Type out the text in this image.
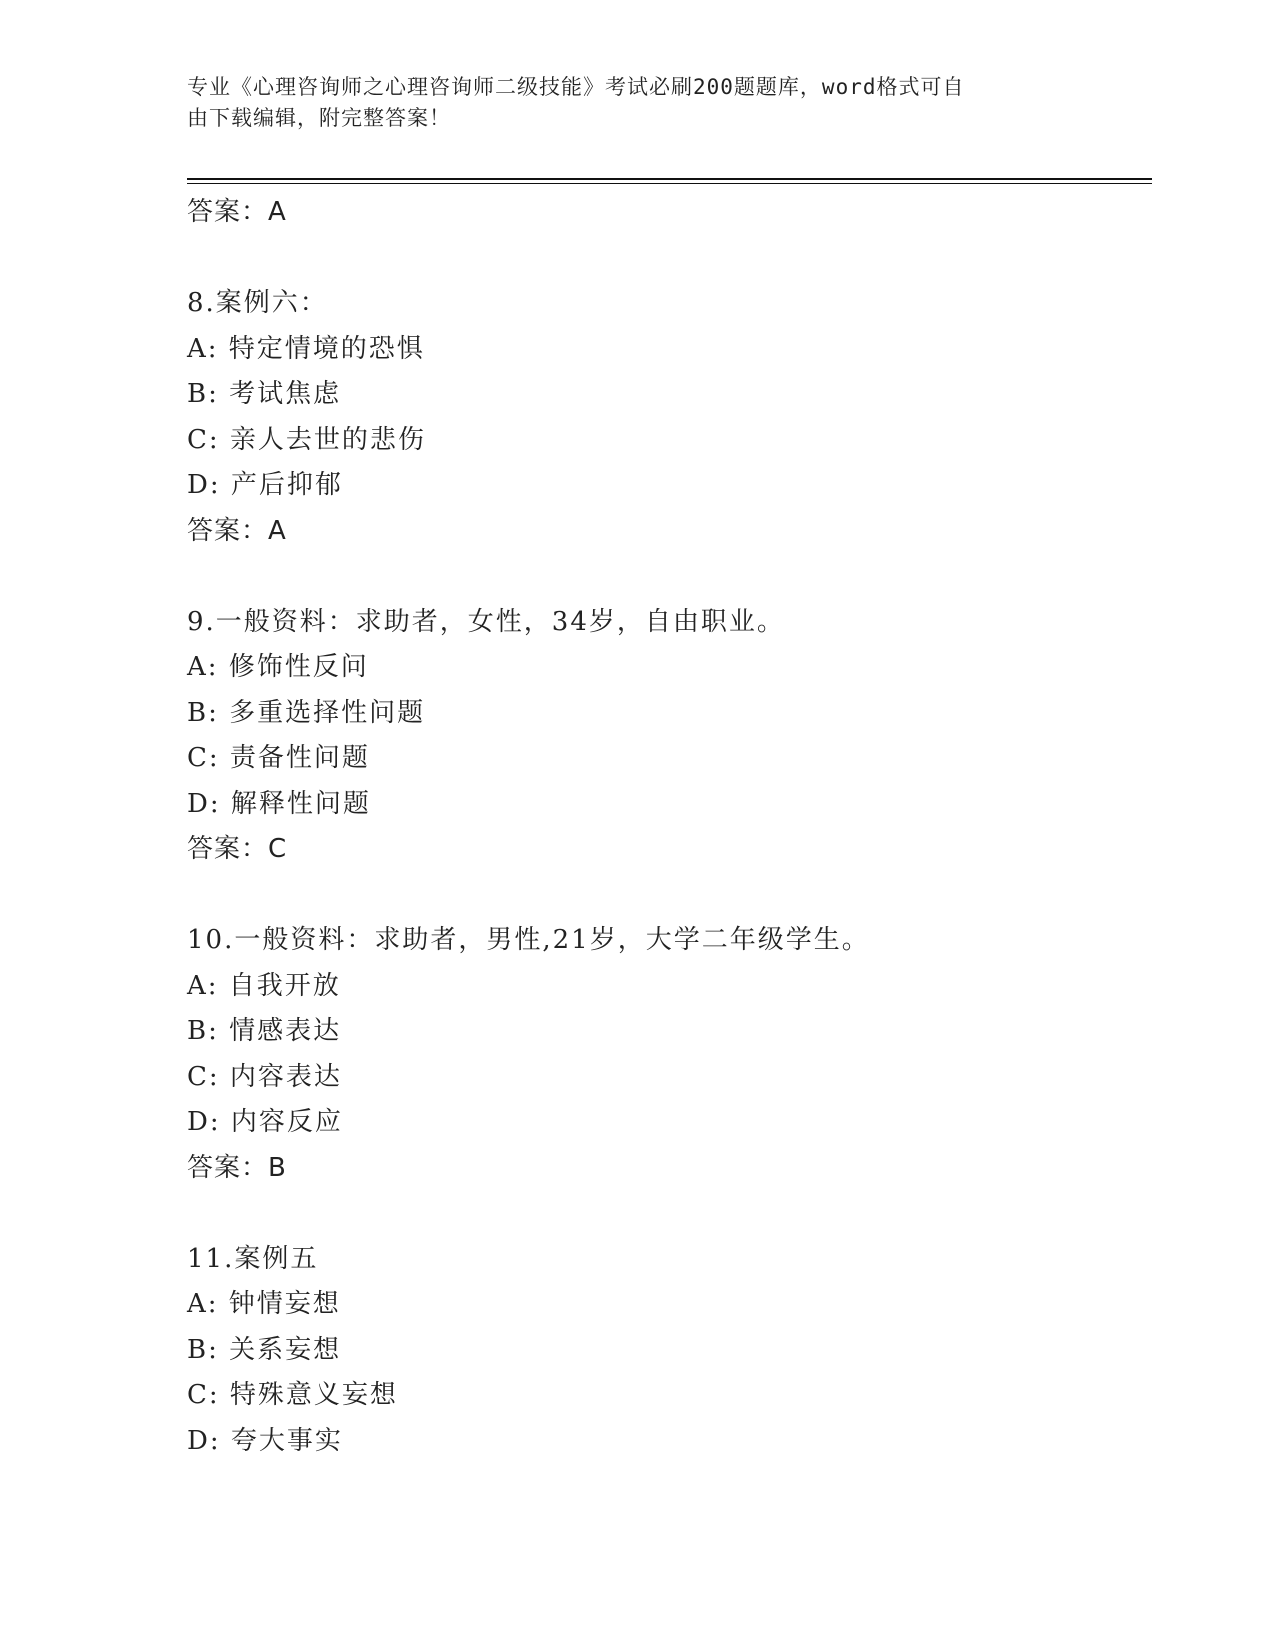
专业《心理咨询师之心理咨询师二级技能》考试必刷200题题库，word格式可自
由下载编辑，附完整答案！
答案：A
8.案例六：
A: 特定情境的恐惧
B: 考试焦虑
C: 亲人去世的悲伤
D: 产后抑郁
答案：A
9.一般资料：求助者，女性，34岁，自由职业。
A: 修饰性反问
B: 多重选择性问题
C: 责备性问题
D: 解释性问题
答案：C
10.一般资料：求助者，男性,21岁，大学二年级学生。
A: 自我开放
B: 情感表达
C: 内容表达
D: 内容反应
答案：B
11.案例五
A: 钟情妄想
B: 关系妄想
C: 特殊意义妄想
D: 夸大事实
